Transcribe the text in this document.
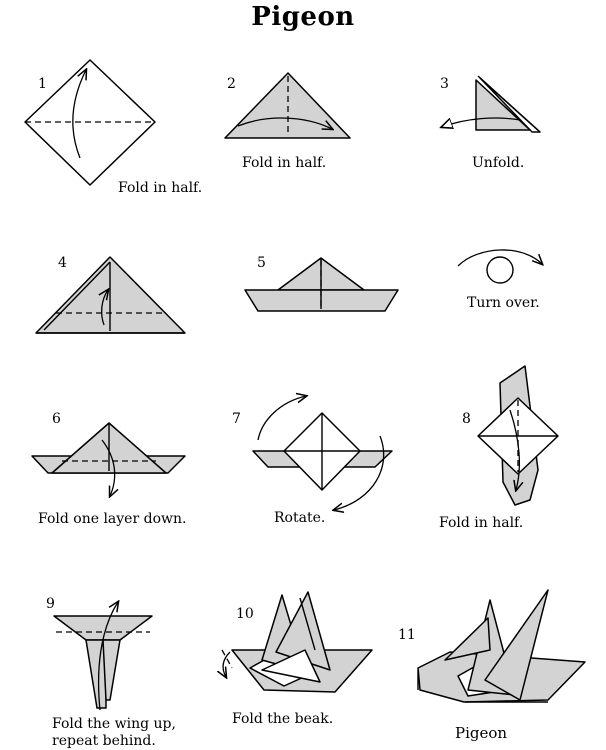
Pigeon
1	2	3
4	5
6	7	8
9
10
11
Fold in half.
Fold in half.	Unfold.
Turn over.
Fold one layer down.	Rotate.	Fold in half.
Fold the wing up,
repeat behind.
Fold the beak.
Pigeon
